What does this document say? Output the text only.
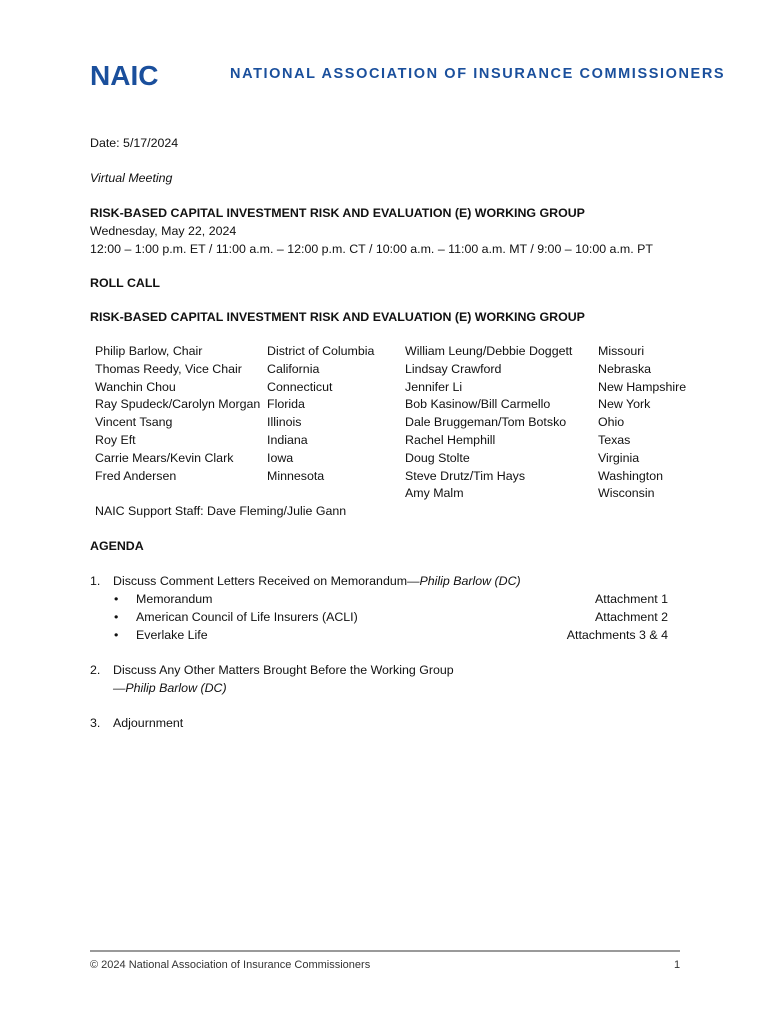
NAIC	NATIONAL ASSOCIATION OF INSURANCE COMMISSIONERS
Date: 5/17/2024
Virtual Meeting
RISK-BASED CAPITAL INVESTMENT RISK AND EVALUATION (E) WORKING GROUP
Wednesday, May 22, 2024
12:00 – 1:00 p.m. ET / 11:00 a.m. – 12:00 p.m. CT / 10:00 a.m. – 11:00 a.m. MT / 9:00 – 10:00 a.m. PT
ROLL CALL
RISK-BASED CAPITAL INVESTMENT RISK AND EVALUATION (E) WORKING GROUP
Philip Barlow, Chair
Thomas Reedy, Vice Chair
Wanchin Chou
Ray Spudeck/Carolyn Morgan
Vincent Tsang
Roy Eft
Carrie Mears/Kevin Clark
Fred Andersen
District of Columbia
California
Connecticut
Florida
Illinois
Indiana
Iowa
Minnesota
William Leung/Debbie Doggett
Lindsay Crawford
Jennifer Li
Bob Kasinow/Bill Carmello
Dale Bruggeman/Tom Botsko
Rachel Hemphill
Doug Stolte
Steve Drutz/Tim Hays
Amy Malm
Missouri
Nebraska
New Hampshire
New York
Ohio
Texas
Virginia
Washington
Wisconsin
NAIC Support Staff: Dave Fleming/Julie Gann
AGENDA
1. Discuss Comment Letters Received on Memorandum—Philip Barlow (DC)
• Memorandum
• American Council of Life Insurers (ACLI)
• Everlake Life
Attachment 1
Attachment 2
Attachments 3 & 4
2. Discuss Any Other Matters Brought Before the Working Group
—Philip Barlow (DC)
3. Adjournment
© 2024 National Association of Insurance Commissioners	1
